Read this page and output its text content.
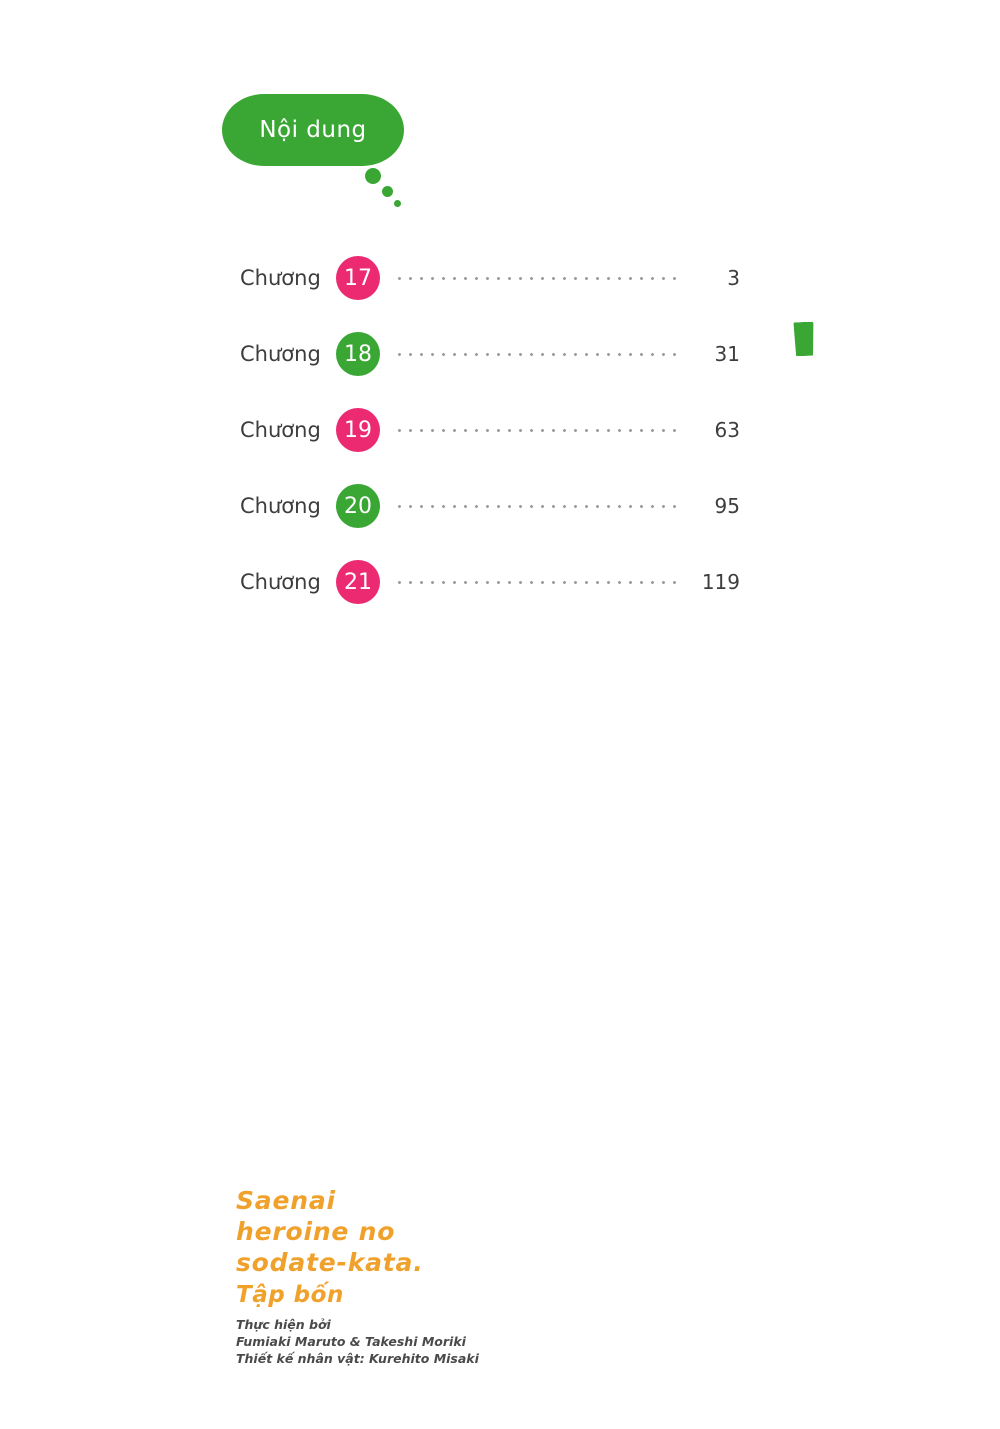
Nội dung
Chương	17	3
Chương	18	31
Chương	19	63
Chương	20	95
Chương	21	119
Saenai
heroine no
sodate-kata.
Tập bốn
Thực hiện bởi
Fumiaki Maruto & Takeshi Moriki
Thiết kế nhân vật: Kurehito Misaki
